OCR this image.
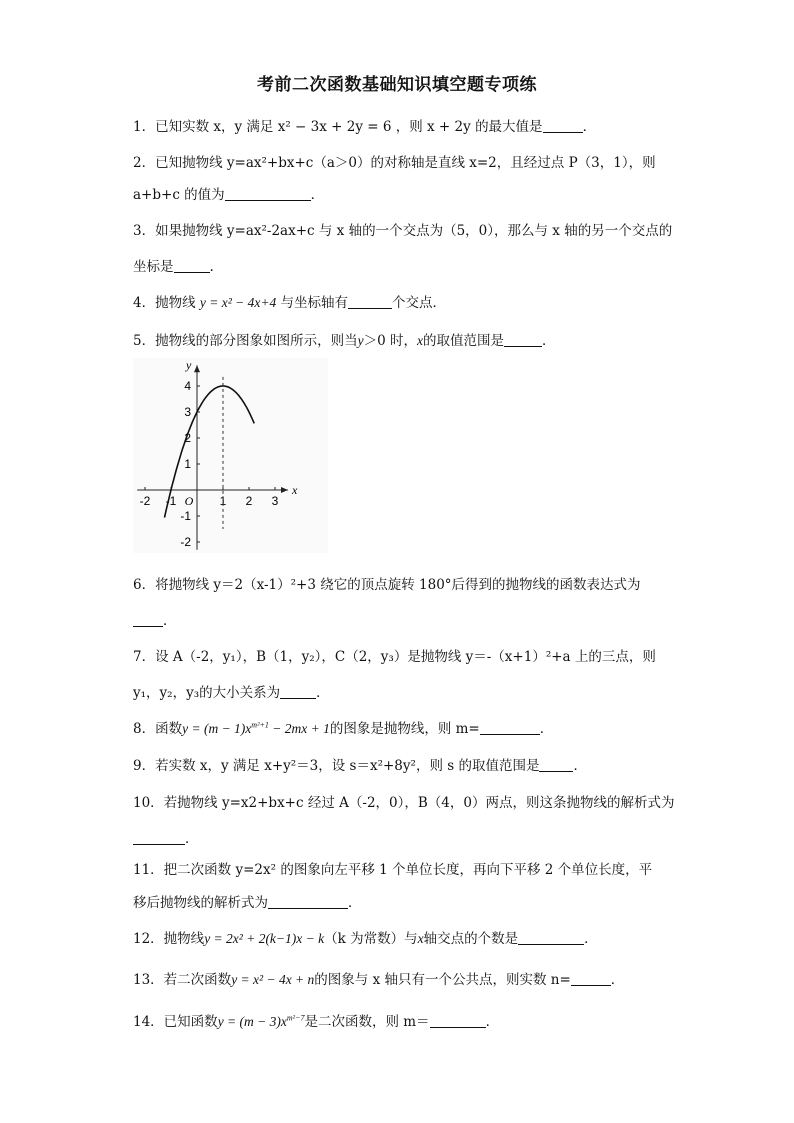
考前二次函数基础知识填空题专项练
1．已知实数 x，y 满足 x² − 3x + 2y = 6 ，则 x + 2y 的最大值是	．
2．已知抛物线 y=ax²+bx+c（a＞0）的对称轴是直线 x=2，且经过点 P（3，1），则
a+b+c 的值为	．
3．如果抛物线 y=ax²-2ax+c 与 x 轴的一个交点为（5，0），那么与 x 轴的另一个交点的
坐标是	.
4．抛物线 y = x² − 4x+4 与坐标轴有	个交点．
5．抛物线的部分图象如图所示，则当y＞0 时，x的取值范围是	．
x
y
O
-2 -1	1 2 3
4
3
2
1
-1
-2
6．将抛物线 y＝2（x-1）²+3 绕它的顶点旋转 180°后得到的抛物线的函数表达式为
．
7．设 A（-2，y₁），B（1，y₂），C（2，y₃）是抛物线 y＝-（x+1）²+a 上的三点，则
y₁，y₂，y₃的大小关系为	．
8．函数$y = (m - 1)x^{m^2+1} - 2mx + 1$的图象是抛物线，则 m=	．
9．若实数 x，y 满足 x+y²＝3，设 s＝x²+8y²，则 s 的取值范围是	．
10．若抛物线 y=x2+bx+c 经过 A（-2，0），B（4，0）两点，则这条抛物线的解析式为
．
11．把二次函数 y=2x² 的图象向左平移 1 个单位长度，再向下平移 2 个单位长度，平
移后抛物线的解析式为	．
12．抛物线y = 2x² + 2(k−1)x − k（k 为常数）与x轴交点的个数是	．
13．若二次函数y = x² − 4x + n的图象与 x 轴只有一个公共点，则实数 n=	．
14．已知函数$y = (m - 3)x^{m^2-7}$是二次函数，则 m＝	．
